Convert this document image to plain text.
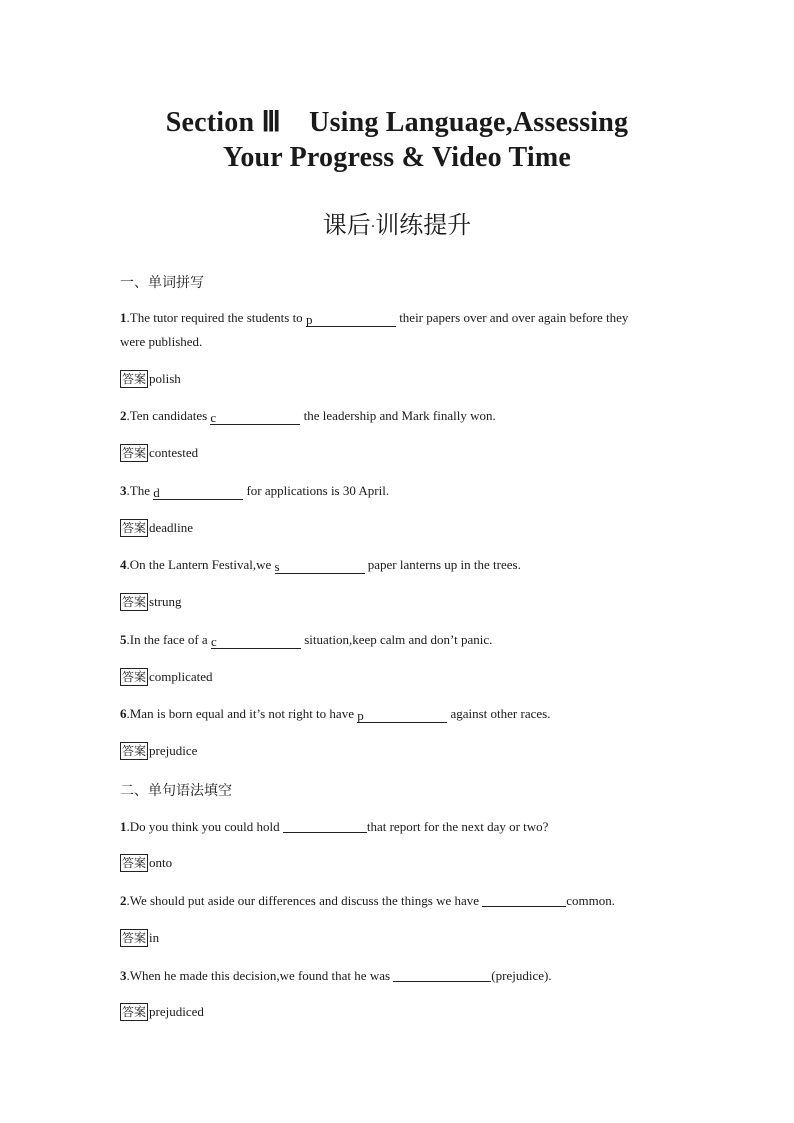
Section Ⅲ　Using Language,Assessing
Your Progress & Video Time
课后·训练提升
一、单词拼写
1.The tutor required the students to p	their papers over and over again before they
were published.
答案 polish
2.Ten candidates c	the leadership and Mark finally won.
答案 contested
3.The d	for applications is 30 April.
答案 deadline
4.On the Lantern Festival,we s	paper lanterns up in the trees.
答案 strung
5.In the face of a c	situation,keep calm and don’t panic.
答案 complicated
6.Man is born equal and it’s not right to have p	against other races.
答案 prejudice
二、单句语法填空
1.Do you think you could hold	that report for the next day or two?
答案 onto
2.We should put aside our differences and discuss the things we have	common.
答案 in
3.When he made this decision,we found that he was	(prejudice).
答案 prejudiced
